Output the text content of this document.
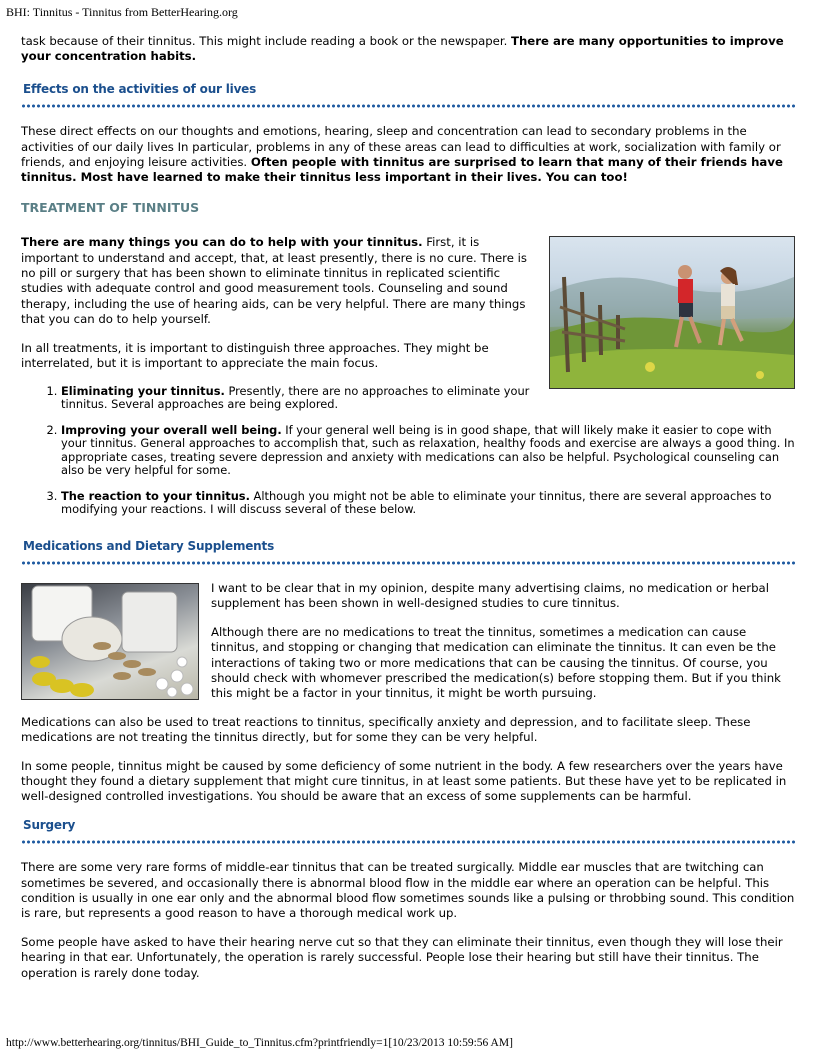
BHI: Tinnitus - Tinnitus from BetterHearing.org

task because of their tinnitus. This might include reading a book or the newspaper. There are many opportunities to improve your concentration habits.

Effects on the activities of our lives

These direct effects on our thoughts and emotions, hearing, sleep and concentration can lead to secondary problems in the activities of our daily lives In particular, problems in any of these areas can lead to difficulties at work, socialization with family or friends, and enjoying leisure activities. Often people with tinnitus are surprised to learn that many of their friends have tinnitus. Most have learned to make their tinnitus less important in their lives. You can too!

TREATMENT OF TINNITUS

There are many things you can do to help with your tinnitus. First, it is important to understand and accept, that, at least presently, there is no cure. There is no pill or surgery that has been shown to eliminate tinnitus in replicated scientific studies with adequate control and good measurement tools. Counseling and sound therapy, including the use of hearing aids, can be very helpful. There are many things that you can do to help yourself.

In all treatments, it is important to distinguish three approaches. They might be interrelated, but it is important to appreciate the main focus.

1. Eliminating your tinnitus. Presently, there are no approaches to eliminate your tinnitus. Several approaches are being explored.
2. Improving your overall well being. If your general well being is in good shape, that will likely make it easier to cope with your tinnitus. General approaches to accomplish that, such as relaxation, healthy foods and exercise are always a good thing. In appropriate cases, treating severe depression and anxiety with medications can also be helpful. Psychological counseling can also be very helpful for some.
3. The reaction to your tinnitus. Although you might not be able to eliminate your tinnitus, there are several approaches to modifying your reactions. I will discuss several of these below.
Medications and Dietary Supplements

I want to be clear that in my opinion, despite many advertising claims, no medication or herbal supplement has been shown in well-designed studies to cure tinnitus.

Although there are no medications to treat the tinnitus, sometimes a medication can cause tinnitus, and stopping or changing that medication can eliminate the tinnitus. It can even be the interactions of taking two or more medications that can be causing the tinnitus. Of course, you should check with whomever prescribed the medication(s) before stopping them. But if you think this might be a factor in your tinnitus, it might be worth pursuing.

Medications can also be used to treat reactions to tinnitus, specifically anxiety and depression, and to facilitate sleep. These medications are not treating the tinnitus directly, but for some they can be very helpful.

In some people, tinnitus might be caused by some deficiency of some nutrient in the body. A few researchers over the years have thought they found a dietary supplement that might cure tinnitus, in at least some patients. But these have yet to be replicated in well-designed controlled investigations. You should be aware that an excess of some supplements can be harmful.

Surgery

There are some very rare forms of middle-ear tinnitus that can be treated surgically. Middle ear muscles that are twitching can sometimes be severed, and occasionally there is abnormal blood flow in the middle ear where an operation can be helpful. This condition is usually in one ear only and the abnormal blood flow sometimes sounds like a pulsing or throbbing sound. This condition is rare, but represents a good reason to have a thorough medical work up.

Some people have asked to have their hearing nerve cut so that they can eliminate their tinnitus, even though they will lose their hearing in that ear. Unfortunately, the operation is rarely successful. People lose their hearing but still have their tinnitus. The operation is rarely done today.

http://www.betterhearing.org/tinnitus/BHI_Guide_to_Tinnitus.cfm?printfriendly=1[10/23/2013 10:59:56 AM]
